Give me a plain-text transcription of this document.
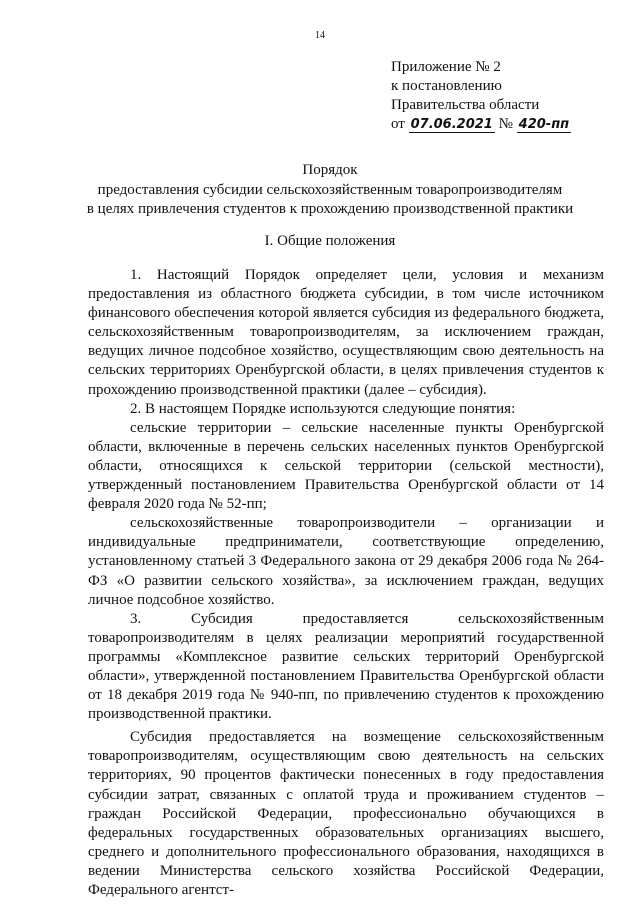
14
Приложение № 2
к постановлению
Правительства области
от 07.06.2021 № 420-пп
Порядок
предоставления субсидии сельскохозяйственным товаропроизводителям
в целях привлечения студентов к прохождению производственной практики
I. Общие положения

1. Настоящий Порядок определяет цели, условия и механизм предоставления из областного бюджета субсидии, в том числе источником финансового обеспечения которой является субсидия из федерального бюджета, сельскохозяйственным товаропроизводителям, за исключением граждан, ведущих личное подсобное хозяйство, осуществляющим свою деятельность на сельских территориях Оренбургской области, в целях привлечения студентов к прохождению производственной практики (далее – субсидия).

2. В настоящем Порядке используются следующие понятия:

сельские территории – сельские населенные пункты Оренбургской области, включенные в перечень сельских населенных пунктов Оренбургской области, относящихся к сельской территории (сельской местности), утвержденный постановлением Правительства Оренбургской области от 14 февраля 2020 года № 52-пп;

сельскохозяйственные товаропроизводители – организации и индивидуальные предприниматели, соответствующие определению, установленному статьей 3 Федерального закона от 29 декабря 2006 года № 264-ФЗ «О развитии сельского хозяйства», за исключением граждан, ведущих личное подсобное хозяйство.

3. Субсидия предоставляется сельскохозяйственным товаропроизводителям в целях реализации мероприятий государственной программы «Комплексное развитие сельских территорий Оренбургской области», утвержденной постановлением Правительства Оренбургской области от 18 декабря 2019 года № 940-пп, по привлечению студентов к прохождению производственной практики.

Субсидия предоставляется на возмещение сельскохозяйственным товаропроизводителям, осуществляющим свою деятельность на сельских территориях, 90 процентов фактически понесенных в году предоставления субсидии затрат, связанных с оплатой труда и проживанием студентов – граждан Российской Федерации, профессионально обучающихся в федеральных государственных образовательных организациях высшего, среднего и дополнительного профессионального образования, находящихся в ведении Министерства сельского хозяйства Российской Федерации, Федерального агентст-
